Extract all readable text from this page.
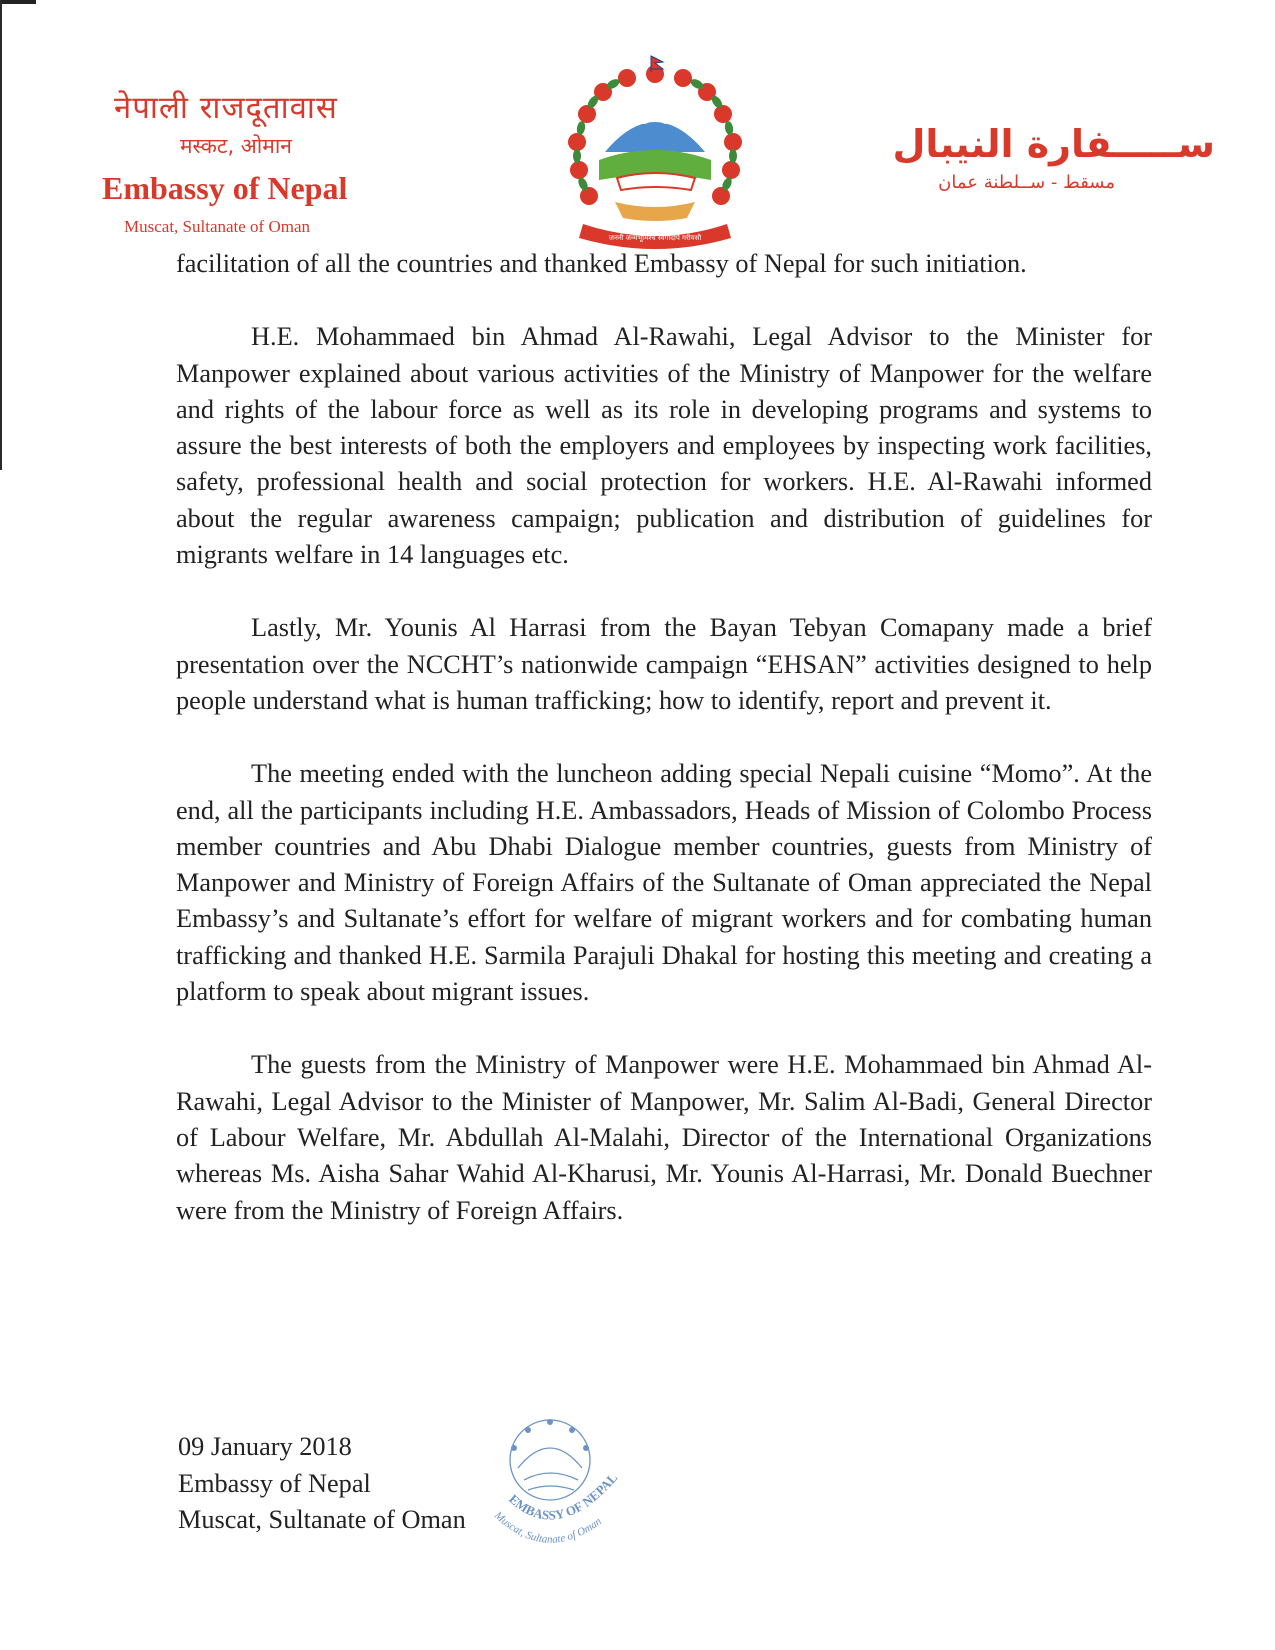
नेपाली राजदूतावास
मस्कट, ओमान
Embassy of Nepal
Muscat, Sultanate of Oman
जननी जन्मभूमिश्च स्वर्गादपि गरीयसी
ســـــفارة النيبال
مسقط - ســلطنة عمان

facilitation of all the countries and thanked Embassy of Nepal for such initiation.

H.E. Mohammaed bin Ahmad Al-Rawahi, Legal Advisor to the Minister for Manpower explained about various activities of the Ministry of Manpower for the welfare and rights of the labour force as well as its role in developing programs and systems to assure the best interests of both the employers and employees by inspecting work facilities, safety, professional health and social protection for workers. H.E. Al-Rawahi informed about the regular awareness campaign; publication and distribution of guidelines for migrants welfare in 14 languages etc.

Lastly, Mr. Younis Al Harrasi from the Bayan Tebyan Comapany made a brief presentation over the NCCHT’s nationwide campaign “EHSAN” activities designed to help people understand what is human trafficking; how to identify, report and prevent it.

The meeting ended with the luncheon adding special Nepali cuisine “Momo”. At the end, all the participants including H.E. Ambassadors, Heads of Mission of Colombo Process member countries and Abu Dhabi Dialogue member countries, guests from Ministry of Manpower and Ministry of Foreign Affairs of the Sultanate of Oman appreciated the Nepal Embassy’s and Sultanate’s effort for welfare of migrant workers and for combating human trafficking and thanked H.E. Sarmila Parajuli Dhakal for hosting this meeting and creating a platform to speak about migrant issues.

The guests from the Ministry of Manpower were H.E. Mohammaed bin Ahmad Al- Rawahi, Legal Advisor to the Minister of Manpower, Mr. Salim Al-Badi, General Director of Labour Welfare, Mr. Abdullah Al-Malahi, Director of the International Organizations whereas Ms. Aisha Sahar Wahid Al-Kharusi, Mr. Younis Al-Harrasi, Mr. Donald Buechner were from the Ministry of Foreign Affairs.

09 January 2018
Embassy of Nepal
Muscat, Sultanate of Oman
EMBASSY OF NEPAL
Muscat, Sultanate of Oman
